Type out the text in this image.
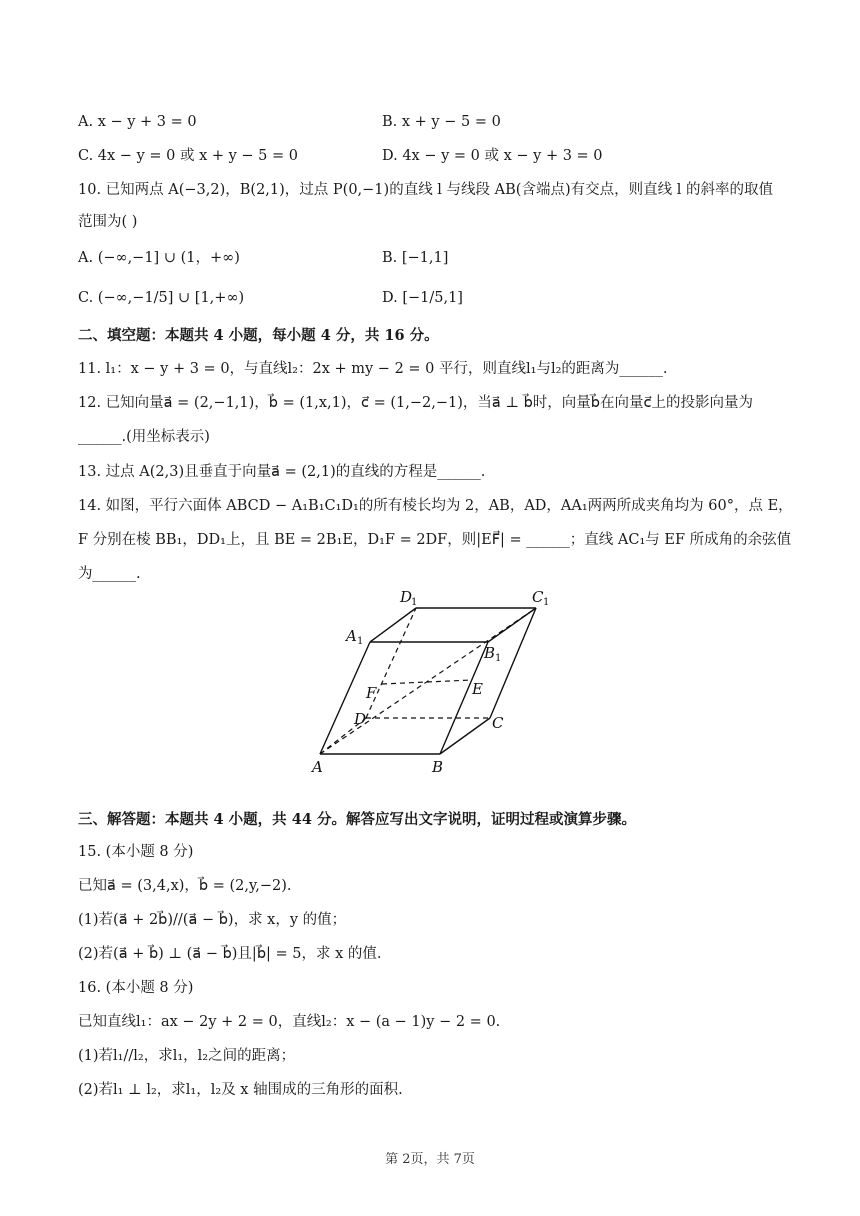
A. x − y + 3 = 0	B. x + y − 5 = 0
C. 4x − y = 0 或 x + y − 5 = 0	D. 4x − y = 0 或 x − y + 3 = 0
10. 已知两点 A(−3,2)，B(2,1)，过点 P(0,−1)的直线 l 与线段 AB(含端点)有交点，则直线 l 的斜率的取值
范围为( )
A. (−∞,−1] ∪ (1，+∞)	B. [−1,1]
C. (−∞,−1/5] ∪ [1,+∞)	D. [−1/5,1]
二、填空题：本题共 4 小题，每小题 4 分，共 16 分。
11. l₁：x − y + 3 = 0，与直线l₂：2x + my − 2 = 0 平行，则直线l₁与l₂的距离为______.
12. 已知向量a⃗ = (2,−1,1)，b⃗ = (1,x,1)，c⃗ = (1,−2,−1)，当a⃗ ⊥ b⃗时，向量b⃗在向量c⃗上的投影向量为
______.(用坐标表示)
13. 过点 A(2,3)且垂直于向量a⃗ = (2,1)的直线的方程是______.
14. 如图，平行六面体 ABCD − A₁B₁C₁D₁的所有棱长均为 2，AB，AD，AA₁两两所成夹角均为 60°，点 E，
F 分别在棱 BB₁，DD₁上，且 BE = 2B₁E，D₁F = 2DF，则|EF⃗| = ______；直线 AC₁与 EF 所成角的余弦值
为______.
D
1	C 1
A 1
B 1
F	E
D	C
A	B
三、解答题：本题共 4 小题，共 44 分。解答应写出文字说明，证明过程或演算步骤。
15. (本小题 8 分)
已知a⃗ = (3,4,x)，b⃗ = (2,y,−2).
(1)若(a⃗ + 2b⃗)//(a⃗ − b⃗)，求 x，y 的值；
(2)若(a⃗ + b⃗) ⊥ (a⃗ − b⃗)且|b⃗| = 5，求 x 的值.
16. (本小题 8 分)
已知直线l₁：ax − 2y + 2 = 0，直线l₂：x − (a − 1)y − 2 = 0.
(1)若l₁//l₂，求l₁，l₂之间的距离；
(2)若l₁ ⊥ l₂，求l₁，l₂及 x 轴围成的三角形的面积.
第 2页，共 7页
